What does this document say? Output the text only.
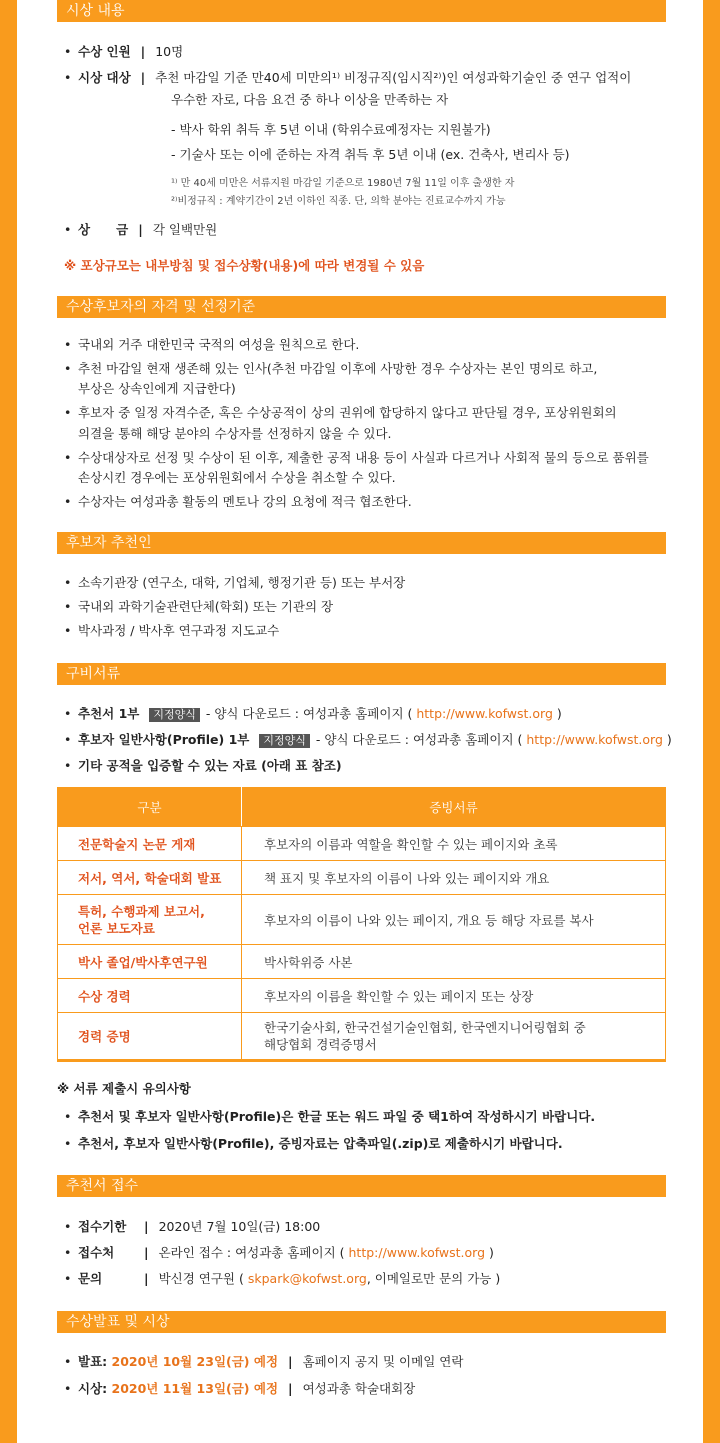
시상 내용
• 수상 인원 | 10명
• 시상 대상 | 추천 마감일 기준 만40세 미만의¹⁾ 비정규직(임시직²⁾)인 여성과학기술인 중 연구 업적이
우수한 자로, 다음 요건 중 하나 이상을 만족하는 자
- 박사 학위 취득 후 5년 이내 (학위수료예정자는 지원불가)
- 기술사 또는 이에 준하는 자격 취득 후 5년 이내 (ex. 건축사, 변리사 등)
¹⁾ 만 40세 미만은 서류지원 마감일 기준으로 1980년 7월 11일 이후 출생한 자
²⁾비정규직 : 계약기간이 2년 이하인 직종. 단, 의학 분야는 진료교수까지 가능
• 상      금 | 각 일백만원
※ 포상규모는 내부방침 및 접수상황(내용)에 따라 변경될 수 있음
수상후보자의 자격 및 선정기준
• 국내외 거주 대한민국 국적의 여성을 원칙으로 한다.
• 추천 마감일 현재 생존해 있는 인사(추천 마감일 이후에 사망한 경우 수상자는 본인 명의로 하고,
부상은 상속인에게 지급한다)
• 후보자 중 일정 자격수준, 혹은 수상공적이 상의 권위에 합당하지 않다고 판단될 경우, 포상위원회의
의결을 통해 해당 분야의 수상자를 선정하지 않을 수 있다.
• 수상대상자로 선정 및 수상이 된 이후, 제출한 공적 내용 등이 사실과 다르거나 사회적 물의 등으로 품위를
손상시킨 경우에는 포상위원회에서 수상을 취소할 수 있다.
• 수상자는 여성과총 활동의 멘토나 강의 요청에 적극 협조한다.
후보자 추천인
• 소속기관장 (연구소, 대학, 기업체, 행정기관 등) 또는 부서장
• 국내외 과학기술관련단체(학회) 또는 기관의 장
• 박사과정 / 박사후 연구과정 지도교수
구비서류
• 추천서 1부 지정양식 - 양식 다운로드 : 여성과총 홈페이지 ( http://www.kofwst.org )
• 후보자 일반사항(Profile) 1부 지정양식 - 양식 다운로드 : 여성과총 홈페이지 ( http://www.kofwst.org )
• 기타 공적을 입증할 수 있는 자료 (아래 표 참조)
구분	증빙서류
전문학술지 논문 게재	후보자의 이름과 역할을 확인할 수 있는 페이지와 초록
저서, 역서, 학술대회 발표	책 표지 및 후보자의 이름이 나와 있는 페이지와 개요
특허, 수행과제 보고서,
언론 보도자료	후보자의 이름이 나와 있는 페이지, 개요 등 해당 자료를 복사
박사 졸업/박사후연구원	박사학위증 사본
수상 경력	후보자의 이름을 확인할 수 있는 페이지 또는 상장
경력 증명	한국기술사회, 한국건설기술인협회, 한국엔지니어링협회 중
해당협회 경력증명서
※ 서류 제출시 유의사항
• 추천서 및 후보자 일반사항(Profile)은 한글 또는 워드 파일 중 택1하여 작성하시기 바랍니다.
• 추천서, 후보자 일반사항(Profile), 증빙자료는 압축파일(.zip)로 제출하시기 바랍니다.
추천서 접수
• 접수기한 | 2020년 7월 10일(금) 18:00
• 접수처 | 온라인 접수 : 여성과총 홈페이지 ( http://www.kofwst.org )
• 문의	| 박신경 연구원 ( skpark@kofwst.org, 이메일로만 문의 가능 )
수상발표 및 시상
• 발표: 2020년 10월 23일(금) 예정 | 홈페이지 공지 및 이메일 연락
• 시상: 2020년 11월 13일(금) 예정 | 여성과총 학술대회장
